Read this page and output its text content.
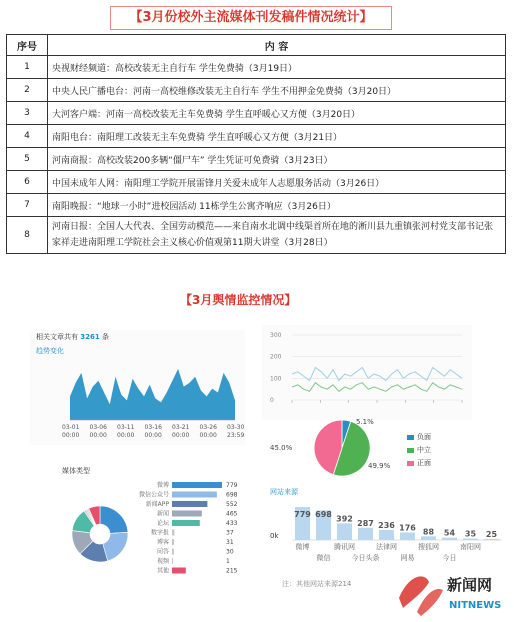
【3月份校外主流媒体刊发稿件情况统计】
序号	内 容
1	央视财经频道：高校改装无主自行车 学生免费骑（3月19日）
2	中央人民广播电台：河南一高校维修改装无主自行车 学生不用押金免费骑（3月20日）
3	大河客户端：河南一高校改装无主车免费骑 学生直呼暖心又方便（3月20日）
4	南阳电台：南阳理工改装无主车免费骑 学生直呼暖心又方便（3月21日）
5	河南商报：高校改装200多辆“僵尸车” 学生凭证可免费骑（3月23日）
6	中国未成年人网：南阳理工学院开展雷锋月关爱未成年人志愿服务活动（3月26日）
7	南阳晚报：“地球一小时”进校园活动 11栋学生公寓齐响应（3月26日）
8	河南日报：全国人大代表、全国劳动模范——来自南水北调中线渠首所在地的淅川县九重镇张河村党支部书记张家祥走进南阳理工学院社会主义核心价值观第11期大讲堂（3月28日）
【3月舆情监控情况】
相关文章共有 3261 条
趋势变化
03-01
00:00
03-06
00:00
03-11
00:00
03-16
00:00
03-21
00:00
03-26
00:00
03-30
23:59
300
200
100
0
5.1%
49.9%
45.0%
负面
中立
正面
媒体类型
微博	779
微信公众号	698
新闻APP	552
新闻	465
论坛	433
数字报	37
博客	31
问答	30
视频	1
其他	215
网站来源
0k
779 698 392 287 236 176 88 54 35 25
微博	腾讯网	法律网	搜狐网	南阳网
微信	今日头条	网易	今日
注：其他网站来源214	新闻网
NITNEWS
